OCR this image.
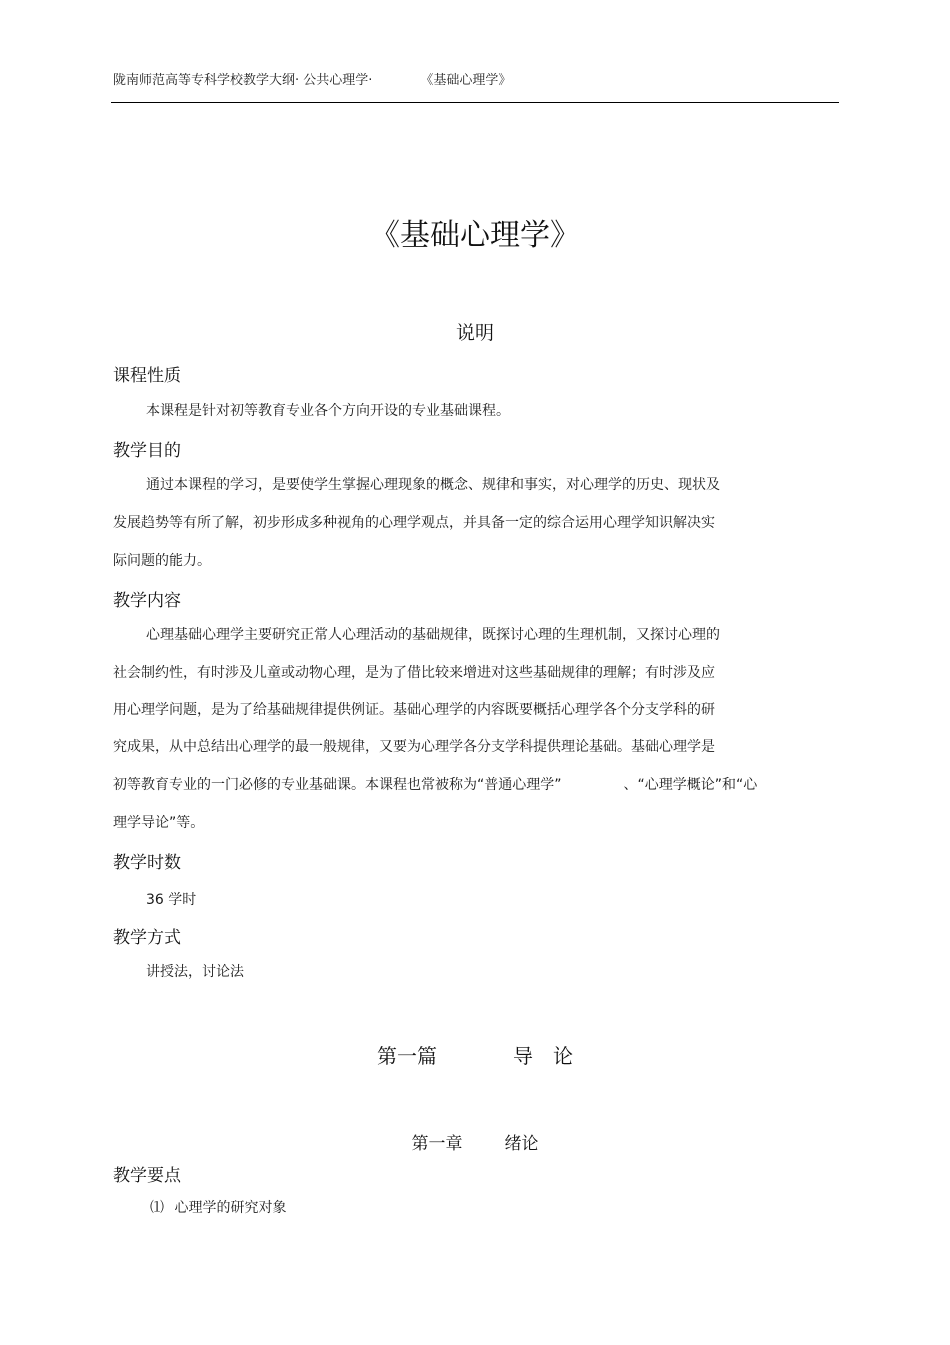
陇南师范高等专科学校教学大纲· 公共心理学·	《基础心理学》
《基础心理学》
说明
课程性质
本课程是针对初等教育专业各个方向开设的专业基础课程。
教学目的
通过本课程的学习，是要使学生掌握心理现象的概念、规律和事实，对心理学的历史、现状及
发展趋势等有所了解，初步形成多种视角的心理学观点，并具备一定的综合运用心理学知识解决实
际问题的能力。
教学内容
心理基础心理学主要研究正常人心理活动的基础规律，既探讨心理的生理机制，又探讨心理的
社会制约性，有时涉及儿童或动物心理，是为了借比较来增进对这些基础规律的理解；有时涉及应
用心理学问题，是为了给基础规律提供例证。基础心理学的内容既要概括心理学各个分支学科的研
究成果，从中总结出心理学的最一般规律，又要为心理学各分支学科提供理论基础。基础心理学是
初等教育专业的一门必修的专业基础课。本课程也常被称为“普通心理学”	、“心理学概论”和“心
理学导论”等。
教学时数
36 学时
教学方式
讲授法，讨论法
第一篇	导 论
第一章 绪论
教学要点
⑴ 心理学的研究对象
